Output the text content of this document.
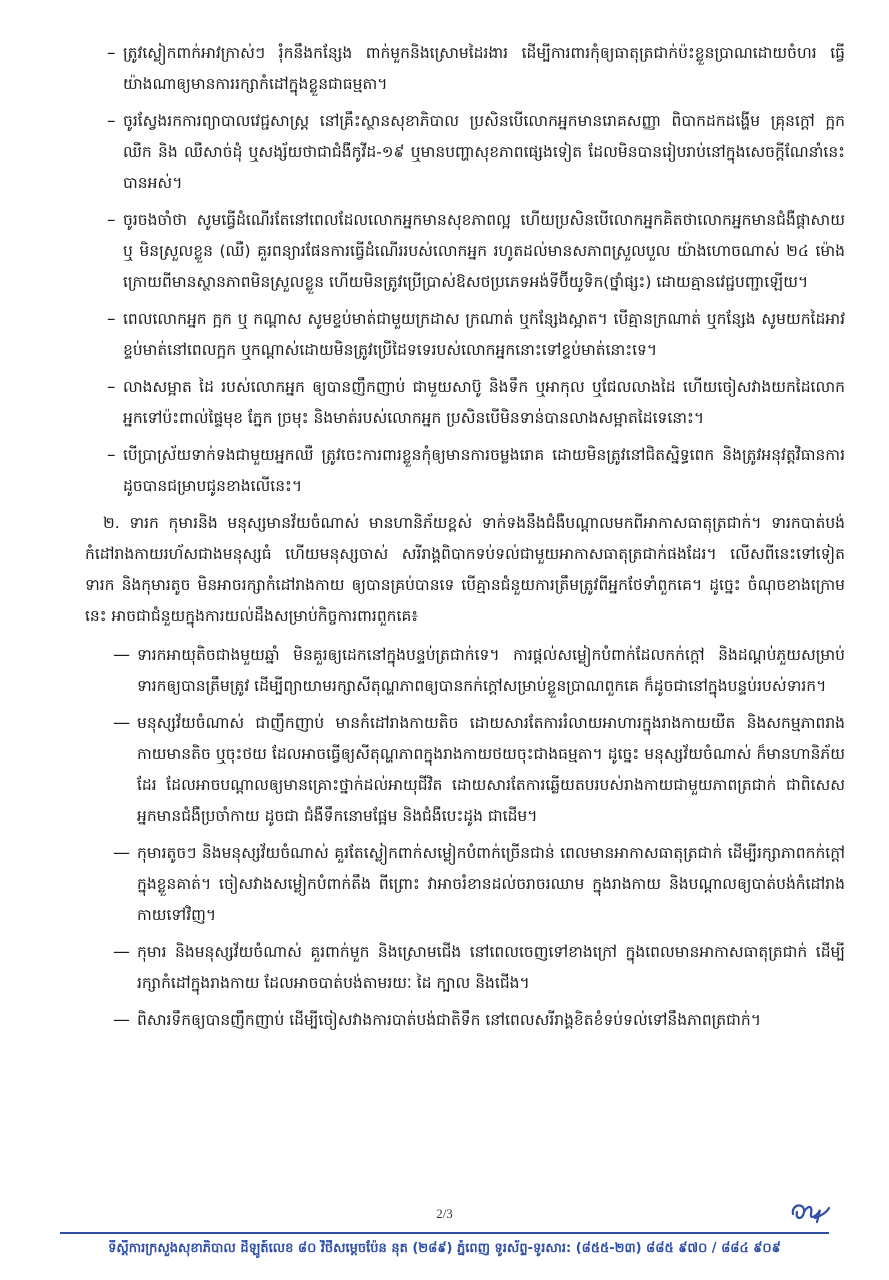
– ត្រូវស្លៀកពាក់អាវក្រាស់ៗ រុំកនឹងកន្សែង ពាក់មួកនិងស្រោមដៃរងារ ដើម្បីការពារកុំឲ្យធាតុត្រជាក់ប៉ះខ្លួនប្រាណដោយចំហរ ធ្វើយ៉ាងណាឲ្យមានការរក្សាកំដៅក្នុងខ្លួនជាធម្មតា។
– ចូរស្វែងរកការព្យាបាលវេជ្ជសាស្ត្រ នៅគ្រឹះស្ថានសុខាភិបាល ប្រសិនបើលោកអ្នកមានរោគសញ្ញា ពិបាកដកដង្ហើម គ្រុនក្តៅ ក្អក ឈឺក និង ឈឺសាច់ដុំ ឬសង្ស័យថាជាជំងឺកូវីដ-១៩ ឬមានបញ្ហាសុខភាពផ្សេងទៀត ដែលមិនបានរៀបរាប់នៅក្នុងសេចក្តីណែនាំនេះបានអស់។
– ចូរចងចាំថា សូមធ្វើដំណើរតែនៅពេលដែលលោកអ្នកមានសុខភាពល្អ ហើយប្រសិនបើលោកអ្នកគិតថាលោកអ្នកមានជំងឺផ្តាសាយ ឬ មិនស្រួលខ្លួន (ឈឺ) គួរពន្យារផែនការធ្វើដំណើររបស់លោកអ្នក រហូតដល់មានសភាពស្រួលបួល យ៉ាងហោចណាស់ ២៤ ម៉ោង ក្រោយពីមានស្ថានភាពមិនស្រួលខ្លួន ហើយមិនត្រូវប្រើប្រាស់ឱសថប្រភេទអង់ទីប៊ីយូទិក(ថ្នាំផ្សះ) ដោយគ្មានវេជ្ជបញ្ជាឡើយ។
– ពេលលោកអ្នក ក្អក ឬ កណ្តាស សូមខ្ទប់មាត់ជាមួយក្រដាស ក្រណាត់ ឬកន្សែងស្អាត។ បើគ្មានក្រណាត់ ឬកន្សែង សូមយកដៃអាវខ្ទប់មាត់នៅពេលក្អក ឬកណ្តាស់ដោយមិនត្រូវប្រើដៃទទេរបស់លោកអ្នកនោះទៅខ្ទប់មាត់នោះទេ។
– លាងសម្អាត ដៃ របស់លោកអ្នក ឲ្យបានញឹកញាប់ ជាមួយសាប៊ូ និងទឹក ឬអាកុល ឬជែលលាងដៃ ហើយចៀសវាងយកដៃលោកអ្នកទៅប៉ះពាល់ផ្ទៃមុខ ភ្នែក ច្រមុះ និងមាត់របស់លោកអ្នក ប្រសិនបើមិនទាន់បានលាងសម្អាតដៃទេនោះ។
– បើប្រាស្រ័យទាក់ទងជាមួយអ្នកឈឺ ត្រូវចេះការពារខ្លួនកុំឲ្យមានការចម្លងរោគ ដោយមិនត្រូវនៅជិតស្និទ្ធពេក និងត្រូវអនុវត្តវិធានការដូចបានជម្រាបជូនខាងលើនេះ។

២. ទារក កុមារនិង មនុស្សមានវ័យចំណាស់ មានហានិភ័យខ្ពស់ ទាក់ទងនឹងជំងឺបណ្តាលមកពីអាកាសធាតុត្រជាក់។ ទារកបាត់បង់កំដៅរាងកាយរហ័សជាងមនុស្សធំ ហើយមនុស្សចាស់ សរីរាង្គពិបាកទប់ទល់ជាមួយអាកាសធាតុត្រជាក់ផងដែរ។ លើសពីនេះទៅទៀត ទារក និងកុមារតូច មិនអាចរក្សាកំដៅរាងកាយ ឲ្យបានគ្រប់បានទេ បើគ្មានជំនួយការត្រឹមត្រូវពីអ្នកថែទាំពួកគេ។ ដូច្នេះ ចំណុចខាងក្រោមនេះ អាចជាជំនួយក្នុងការយល់ដឹងសម្រាប់កិច្ចការពារពួកគេ៖

— ទារកអាយុតិចជាងមួយឆ្នាំ មិនគួរឲ្យដេកនៅក្នុងបន្ទប់ត្រជាក់ទេ។ ការផ្តល់សម្លៀកបំពាក់ដែលកក់ក្តៅ និងដណ្តប់ភួយសម្រាប់ទារកឲ្យបានត្រឹមត្រូវ ដើម្បីព្យាយាមរក្សាសីតុណ្ហភាពឲ្យបានកក់ក្តៅសម្រាប់ខ្លួនប្រាណពួកគេ ក៏ដូចជានៅក្នុងបន្ទប់របស់ទារក។
— មនុស្សវ័យចំណាស់ ជាញឹកញាប់ មានកំដៅរាងកាយតិច ដោយសារតែការរំលាយអាហារក្នុងរាងកាយយឺត និងសកម្មភាពរាងកាយមានតិច ឬចុះថយ ដែលអាចធ្វើឲ្យសីតុណ្ហភាពក្នុងរាងកាយថយចុះជាងធម្មតា។ ដូច្នេះ មនុស្សវ័យចំណាស់ ក៏មានហានិភ័យដែរ ដែលអាចបណ្តាលឲ្យមានគ្រោះថ្នាក់ដល់អាយុជីវិត ដោយសារតែការឆ្លើយតបរបស់រាងកាយជាមួយភាពត្រជាក់ ជាពិសេសអ្នកមានជំងឺប្រចាំកាយ ដូចជា ជំងឺទឹកនោមផ្អែម និងជំងឺបេះដូង ជាដើម។
— កុមារតូចៗ និងមនុស្សវ័យចំណាស់ គួរតែស្លៀកពាក់សម្លៀកបំពាក់ច្រើនជាន់ ពេលមានអាកាសធាតុត្រជាក់ ដើម្បីរក្សាភាពកក់ក្តៅក្នុងខ្លួនគាត់។ ចៀសវាងសម្លៀកបំពាក់តឹង ពីព្រោះ វាអាចរំខានដល់ចរាចរឈាម ក្នុងរាងកាយ និងបណ្តាលឲ្យបាត់បង់កំដៅរាងកាយទៅវិញ។
— កុមារ និងមនុស្សវ័យចំណាស់ គួរពាក់មួក និងស្រោមជើង នៅពេលចេញទៅខាងក្រៅ ក្នុងពេលមានអាកាសធាតុត្រជាក់ ដើម្បីរក្សាកំដៅក្នុងរាងកាយ ដែលអាចបាត់បង់តាមរយៈ ដៃ ក្បាល និងជើង។
— ពិសារទឹកឲ្យបានញឹកញាប់ ដើម្បីចៀសវាងការបាត់បង់ជាតិទឹក នៅពេលសរីរាង្គខិតខំទប់ទល់ទៅនឹងភាពត្រជាក់។
2/3
ទីស្តីការក្រសួងសុខាភិបាល ដីឡូត៍លេខ ៨០ វិថីសម្តេចប៉ែន នុត (២៨៩) ភ្នំពេញ ទូរស័ព្ទ-ទូរសារ: (៨៥៥-២៣) ៨៨៥ ៩៧០ / ៨៨៤ ៩០៩
